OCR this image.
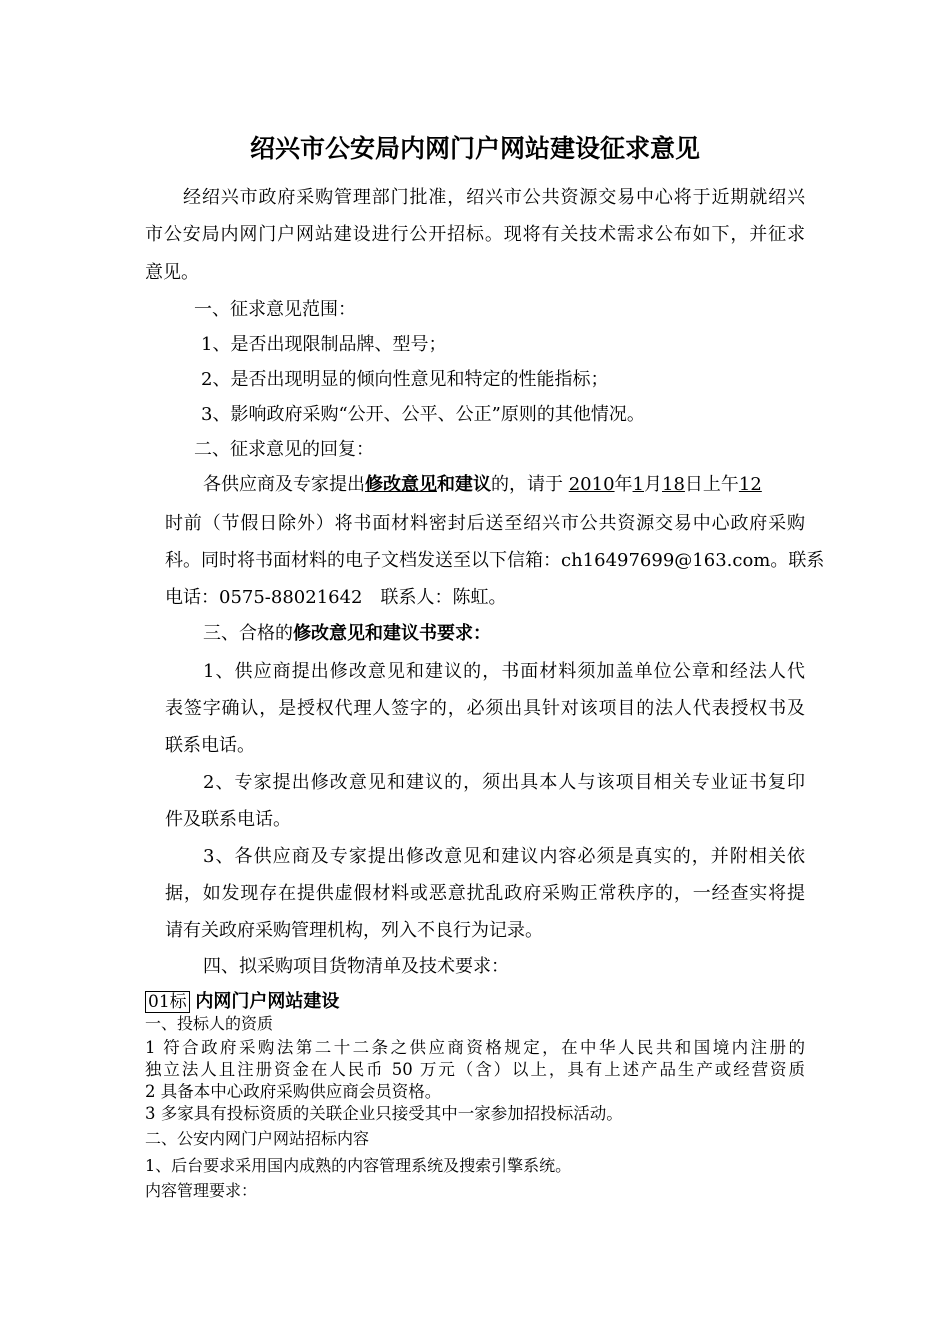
绍兴市公安局内网门户网站建设征求意见
经绍兴市政府采购管理部门批准，绍兴市公共资源交易中心将于近期就绍兴
市公安局内网门户网站建设进行公开招标。现将有关技术需求公布如下，并征求
意见。
一、征求意见范围：
1、是否出现限制品牌、型号；
2、是否出现明显的倾向性意见和特定的性能指标；
3、影响政府采购“公开、公平、公正”原则的其他情况。
二、征求意见的回复：
各供应商及专家提出修改意见和建议的，请于 2010年1月18日上午12
时前（节假日除外）将书面材料密封后送至绍兴市公共资源交易中心政府采购
科。同时将书面材料的电子文档发送至以下信箱：ch16497699@163.com。联系
电话：0575-88021642　联系人：陈虹。
三、合格的修改意见和建议书要求：
1、供应商提出修改意见和建议的，书面材料须加盖单位公章和经法人代
表签字确认，是授权代理人签字的，必须出具针对该项目的法人代表授权书及
联系电话。
2、专家提出修改意见和建议的，须出具本人与该项目相关专业证书复印
件及联系电话。
3、各供应商及专家提出修改意见和建议内容必须是真实的，并附相关依
据，如发现存在提供虚假材料或恶意扰乱政府采购正常秩序的，一经查实将提
请有关政府采购管理机构，列入不良行为记录。
四、拟采购项目货物清单及技术要求：
01标 内网门户网站建设
一、投标人的资质
1 符合政府采购法第二十二条之供应商资格规定，在中华人民共和国境内注册的
独立法人且注册资金在人民币 50 万元（含）以上，具有上述产品生产或经营资质
2 具备本中心政府采购供应商会员资格。
3 多家具有投标资质的关联企业只接受其中一家参加招投标活动。
二、公安内网门户网站招标内容
1、后台要求采用国内成熟的内容管理系统及搜索引擎系统。
内容管理要求：
